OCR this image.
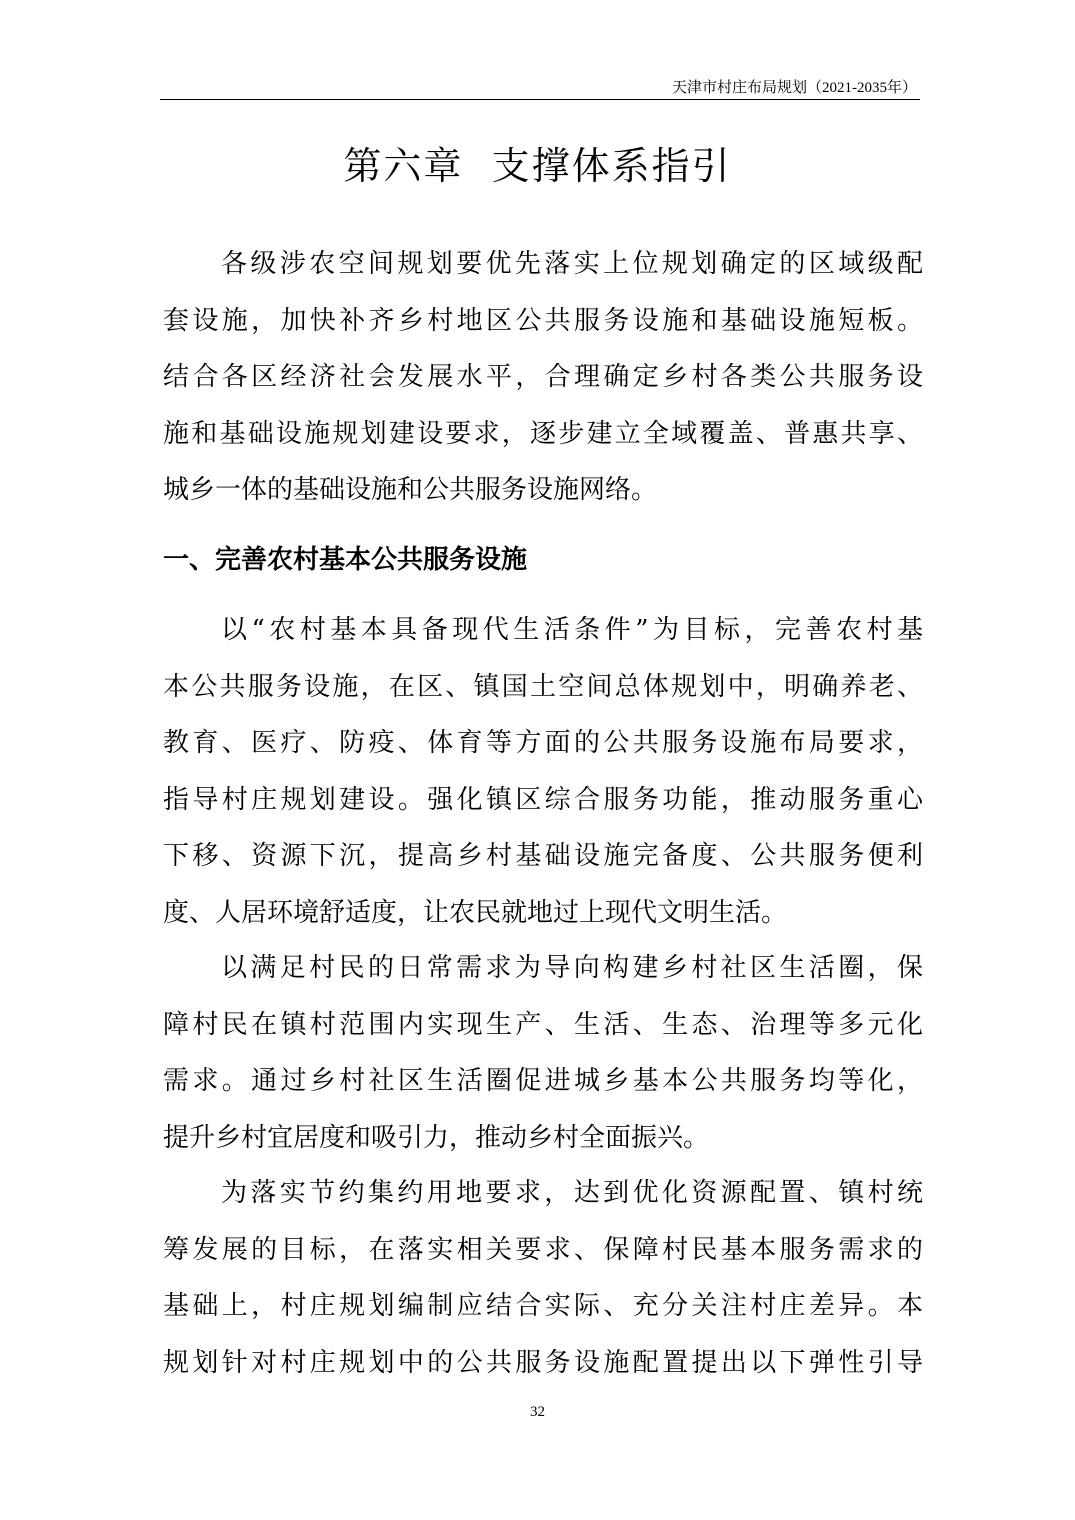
天津市村庄布局规划（2021-2035年）
第六章  支撑体系指引
各级涉农空间规划要优先落实上位规划确定的区域级配
套设施，加快补齐乡村地区公共服务设施和基础设施短板。
结合各区经济社会发展水平，合理确定乡村各类公共服务设
施和基础设施规划建设要求，逐步建立全域覆盖、普惠共享、
城乡一体的基础设施和公共服务设施网络。
一、完善农村基本公共服务设施
以“农村基本具备现代生活条件”为目标，完善农村基
本公共服务设施，在区、镇国土空间总体规划中，明确养老、
教育、医疗、防疫、体育等方面的公共服务设施布局要求，
指导村庄规划建设。强化镇区综合服务功能，推动服务重心
下移、资源下沉，提高乡村基础设施完备度、公共服务便利
度、人居环境舒适度，让农民就地过上现代文明生活。
以满足村民的日常需求为导向构建乡村社区生活圈，保
障村民在镇村范围内实现生产、生活、生态、治理等多元化
需求。通过乡村社区生活圈促进城乡基本公共服务均等化，
提升乡村宜居度和吸引力，推动乡村全面振兴。
为落实节约集约用地要求，达到优化资源配置、镇村统
筹发展的目标，在落实相关要求、保障村民基本服务需求的
基础上，村庄规划编制应结合实际、充分关注村庄差异。本
规划针对村庄规划中的公共服务设施配置提出以下弹性引导
32
